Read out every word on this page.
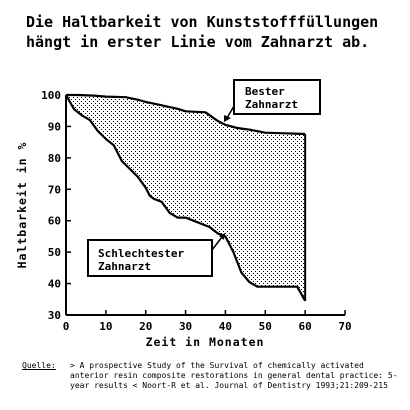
Die Haltbarkeit von Kunststofffüllungen
hängt in erster Linie vom Zahnarzt ab.
0	10 20 30 40 50 60 70
30
40
50
60
70
80
90
100
Zeit in Monaten
Haltbarkeit in %
Bester
Zahnarzt
Schlechtester
Zahnarzt
Quelle: > A prospective Study of the Survival of chemically activated anterior resin composite restorations in general dental practice: 5-year results < Noort-R et al. Journal of Dentistry 1993;21:209-215
